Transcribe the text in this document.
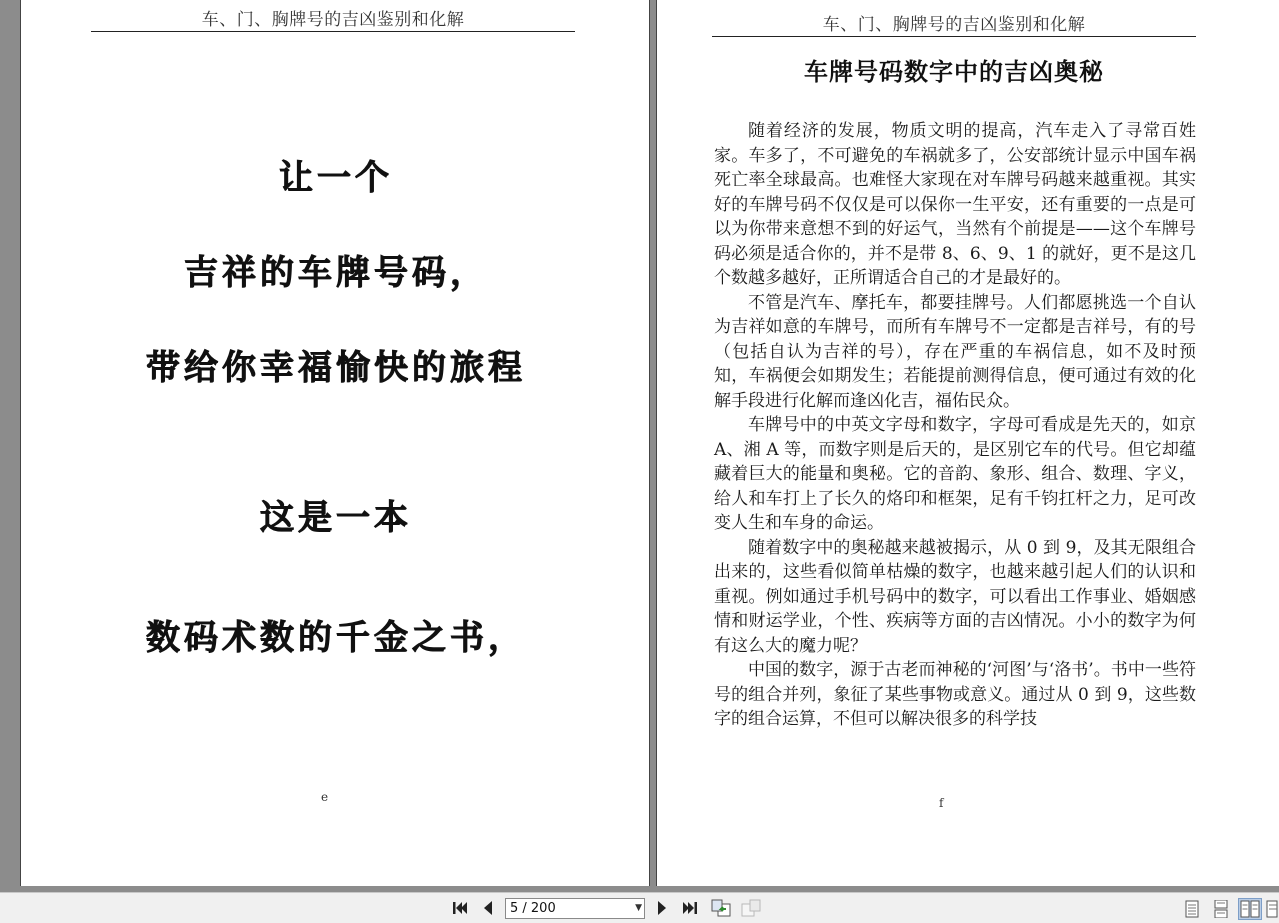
车、门、胸牌号的吉凶鉴别和化解
让一个
吉祥的车牌号码，
带给你幸福愉快的旅程
这是一本
数码术数的千金之书，
e
车、门、胸牌号的吉凶鉴别和化解
车牌号码数字中的吉凶奥秘

随着经济的发展，物质文明的提高，汽车走入了寻常百姓家。车多了，不可避免的车祸就多了，公安部统计显示中国车祸死亡率全球最高。也难怪大家现在对车牌号码越来越重视。其实好的车牌号码不仅仅是可以保你一生平安，还有重要的一点是可以为你带来意想不到的好运气，当然有个前提是——这个车牌号码必须是适合你的，并不是带 8、6、9、1 的就好，更不是这几个数越多越好，正所谓适合自己的才是最好的。

不管是汽车、摩托车，都要挂牌号。人们都愿挑选一个自认为吉祥如意的车牌号，而所有车牌号不一定都是吉祥号，有的号（包括自认为吉祥的号），存在严重的车祸信息，如不及时预知，车祸便会如期发生；若能提前测得信息，便可通过有效的化解手段进行化解而逢凶化吉，福佑民众。

车牌号中的中英文字母和数字，字母可看成是先天的，如京 A、湘 A 等，而数字则是后天的，是区别它车的代号。但它却蕴藏着巨大的能量和奥秘。它的音韵、象形、组合、数理、字义，给人和车打上了长久的烙印和框架，足有千钧扛杆之力，足可改变人生和车身的命运。

随着数字中的奥秘越来越被揭示，从 0 到 9，及其无限组合出来的，这些看似简单枯燥的数字，也越来越引起人们的认识和重视。例如通过手机号码中的数字，可以看出工作事业、婚姻感情和财运学业，个性、疾病等方面的吉凶情况。小小的数字为何有这么大的魔力呢？

中国的数字，源于古老而神秘的‘河图’与‘洛书’。书中一些符号的组合并列，象征了某些事物或意义。通过从 0 到 9，这些数字的组合运算，不但可以解决很多的科学技

f
5 / 200	▼
